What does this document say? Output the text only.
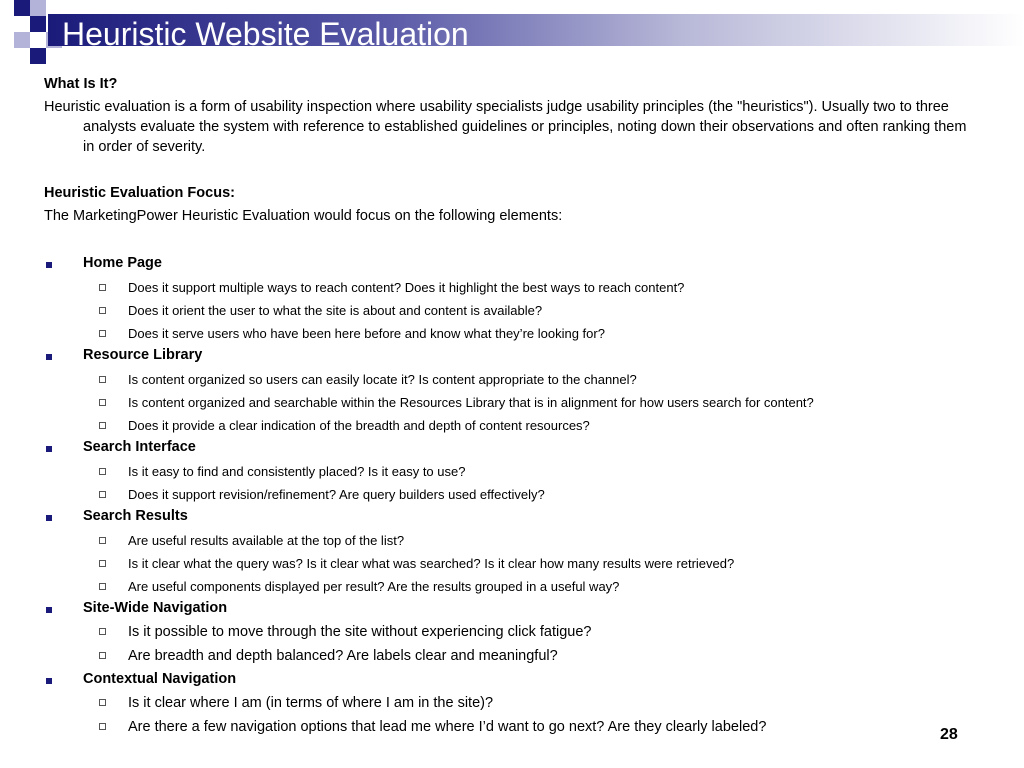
Heuristic Website Evaluation

What Is It?

Heuristic evaluation is a form of usability inspection where usability specialists judge usability principles (the "heuristics"). Usually two to three analysts evaluate the system with reference to established guidelines or principles, noting down their observations and often ranking them in order of severity.

Heuristic Evaluation Focus:

The MarketingPower Heuristic Evaluation would focus on the following elements:

Home Page
Does it support multiple ways to reach content? Does it highlight the best ways to reach content?
Does it orient the user to what the site is about and content is available?
Does it serve users who have been here before and know what they’re looking for?
Resource Library
Is content organized so users can easily locate it? Is content appropriate to the channel?
Is content organized and searchable within the Resources Library that is in alignment for how users search for content?
Does it provide a clear indication of the breadth and depth of content resources?
Search Interface
Is it easy to find and consistently placed? Is it easy to use?
Does it support revision/refinement? Are query builders used effectively?
Search Results
Are useful results available at the top of the list?
Is it clear what the query was? Is it clear what was searched? Is it clear how many results were retrieved?
Are useful components displayed per result? Are the results grouped in a useful way?
Site-Wide Navigation
Is it possible to move through the site without experiencing click fatigue?
Are breadth and depth balanced? Are labels clear and meaningful?
Contextual Navigation
Is it clear where I am (in terms of where I am in the site)?
Are there a few navigation options that lead me where I’d want to go next? Are they clearly labeled?	28
